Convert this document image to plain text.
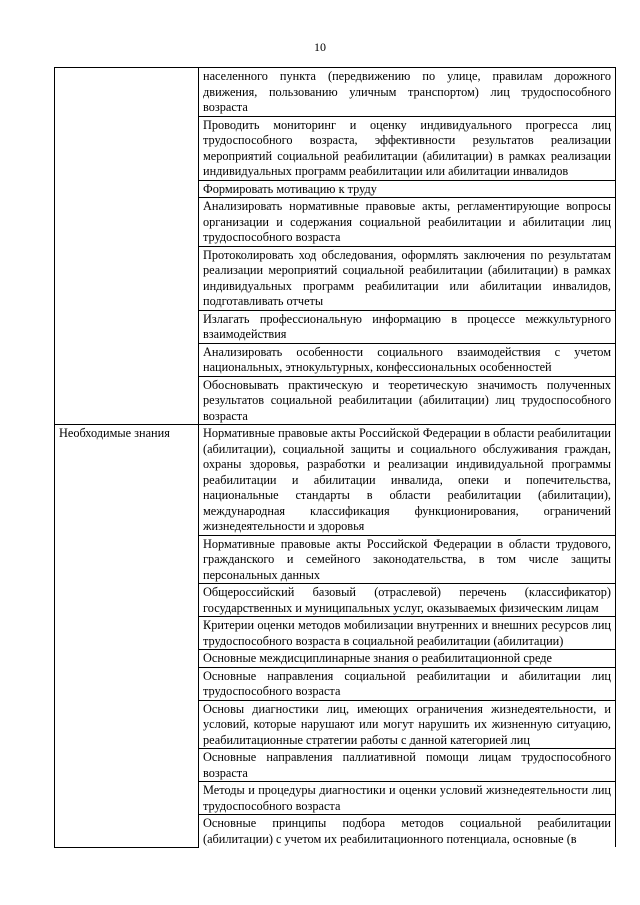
10
	населенного пункта (передвижению по улице, правилам дорожного движения, пользованию уличным транспортом) лиц трудоспособного возраста
	Проводить мониторинг и оценку индивидуального прогресса лиц трудоспособного возраста, эффективности результатов реализации мероприятий социальной реабилитации (абилитации) в рамках реализации индивидуальных программ реабилитации или абилитации инвалидов
	Формировать мотивацию к труду
	Анализировать нормативные правовые акты, регламентирующие вопросы организации и содержания социальной реабилитации и абилитации лиц трудоспособного возраста
	Протоколировать ход обследования, оформлять заключения по результатам реализации мероприятий социальной реабилитации (абилитации) в рамках индивидуальных программ реабилитации или абилитации инвалидов, подготавливать отчеты
	Излагать профессиональную информацию в процессе межкультурного взаимодействия
	Анализировать особенности социального взаимодействия с учетом национальных, этнокультурных, конфессиональных особенностей
	Обосновывать практическую и теоретическую значимость полученных результатов социальной реабилитации (абилитации) лиц трудоспособного возраста
Необходимые знания	Нормативные правовые акты Российской Федерации в области реабилитации (абилитации), социальной защиты и социального обслуживания граждан, охраны здоровья, разработки и реализации индивидуальной программы реабилитации и абилитации инвалида, опеки и попечительства, национальные стандарты в области реабилитации (абилитации), международная классификация функционирования, ограничений жизнедеятельности и здоровья
	Нормативные правовые акты Российской Федерации в области трудового, гражданского и семейного законодательства, в том числе защиты персональных данных
	Общероссийский базовый (отраслевой) перечень (классификатор) государственных и муниципальных услуг, оказываемых физическим лицам
	Критерии оценки методов мобилизации внутренних и внешних ресурсов лиц трудоспособного возраста в социальной реабилитации (абилитации)
	Основные междисциплинарные знания о реабилитационной среде
	Основные направления социальной реабилитации и абилитации лиц трудоспособного возраста
	Основы диагностики лиц, имеющих ограничения жизнедеятельности, и условий, которые нарушают или могут нарушить их жизненную ситуацию, реабилитационные стратегии работы с данной категорией лиц
	Основные направления паллиативной помощи лицам трудоспособного возраста
	Методы и процедуры диагностики и оценки условий жизнедеятельности лиц трудоспособного возраста
	Основные принципы подбора методов социальной реабилитации (абилитации) с учетом их реабилитационного потенциала, основные (в
